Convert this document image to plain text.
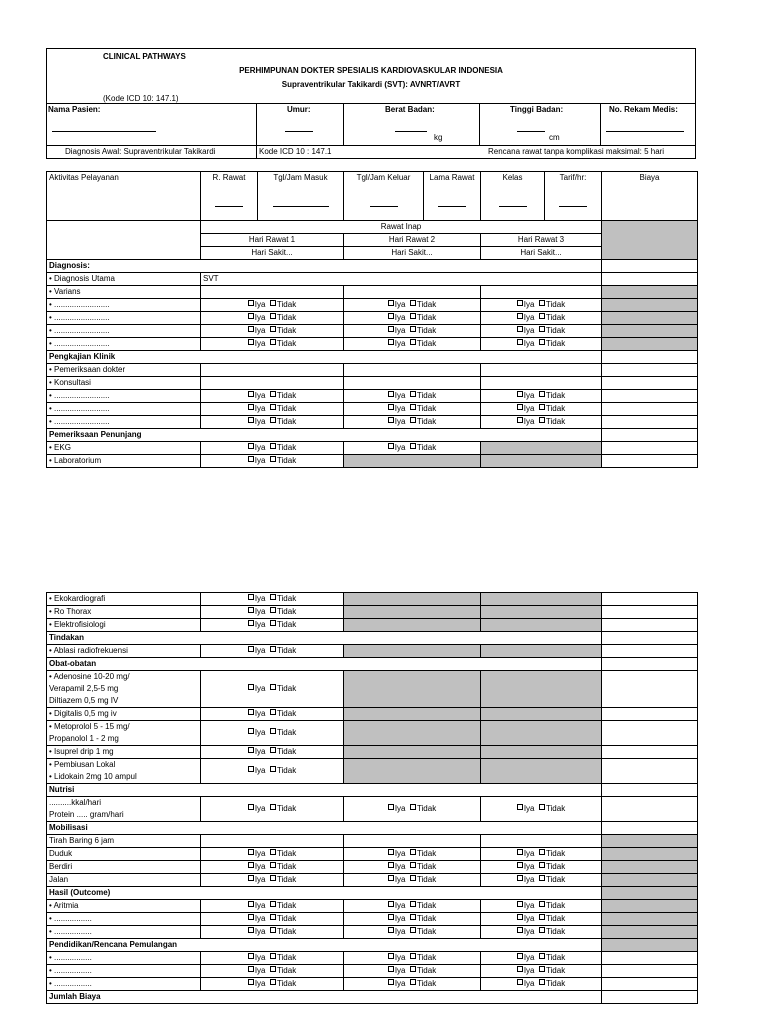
CLINICAL PATHWAYS
PERHIMPUNAN DOKTER SPESIALIS KARDIOVASKULAR INDONESIA
Supraventrikular Takikardi (SVT): AVNRT/AVRT
(Kode ICD 10: 147.1)
Nama Pasien:	Umur:	Berat Badan:
kg
Tinggi Badan:
cm
No. Rekam Medis:
Diagnosis Awal: Supraventrikular Takikardi	Kode ICD 10 : 147.1	Rencana rawat tanpa komplikasi maksimal: 5 hari
Aktivitas Pelayanan	R. Rawat	Tgl/Jam Masuk	Tgl/Jam Keluar	Lama Rawat	Kelas	Tarif/hr:	Biaya
	Rawat Inap						
	Hari Rawat 1		Hari Rawat 2		Hari Rawat 3		
	Hari Sakit...		Hari Sakit...		Hari Sakit...		
Diagnosis:							
• Diagnosis Utama	SVT						
• Varians							
• .........................	Iya Tidak		Iya Tidak		Iya Tidak		
• .........................	Iya Tidak		Iya Tidak		Iya Tidak		
• .........................	Iya Tidak		Iya Tidak		Iya Tidak		
• .........................	Iya Tidak		Iya Tidak		Iya Tidak		
Pengkajian Klinik							
• Pemeriksaan dokter							
• Konsultasi							
• .........................	Iya Tidak		Iya Tidak		Iya Tidak		
• .........................	Iya Tidak		Iya Tidak		Iya Tidak		
• .........................	Iya Tidak		Iya Tidak		Iya Tidak		
Pemeriksaan Penunjang							
• EKG	Iya Tidak		Iya Tidak				
• Laboratorium	Iya Tidak						
• Ekokardiografi	Iya Tidak			
• Ro Thorax	Iya Tidak			
• Elektrofisiologi	Iya Tidak			
Tindakan				
• Ablasi radiofrekuensi	Iya Tidak			
Obat-obatan				

• Adenosine 10-20 mg/
Verapamil 2,5-5 mg
Diltiazem 0,5 mg IV	Iya Tidak			
• Digitalis 0,5 mg iv	Iya Tidak			

• Metoprolol 5 - 15 mg/
Propanolol 1 - 2 mg	Iya Tidak			
• Isuprel drip 1 mg	Iya Tidak			

• Pembiusan Lokal
• Lidokain 2mg 10 ampul	Iya Tidak			
Nutrisi				

..........kkal/hari
Protein ..... gram/hari	Iya Tidak	Iya Tidak	Iya Tidak	
Mobilisasi				
Tirah Baring 6 jam				
Duduk	Iya Tidak	Iya Tidak	Iya Tidak	
Berdiri	Iya Tidak	Iya Tidak	Iya Tidak	
Jalan	Iya Tidak	Iya Tidak	Iya Tidak	
Hasil (Outcome)				
• Aritmia	Iya Tidak	Iya Tidak	Iya Tidak	
• .................	Iya Tidak	Iya Tidak	Iya Tidak	
• .................	Iya Tidak	Iya Tidak	Iya Tidak	
Pendidikan/Rencana Pemulangan				
• .................	Iya Tidak	Iya Tidak	Iya Tidak	
• .................	Iya Tidak	Iya Tidak	Iya Tidak	
• .................	Iya Tidak	Iya Tidak	Iya Tidak	
Jumlah Biaya				
